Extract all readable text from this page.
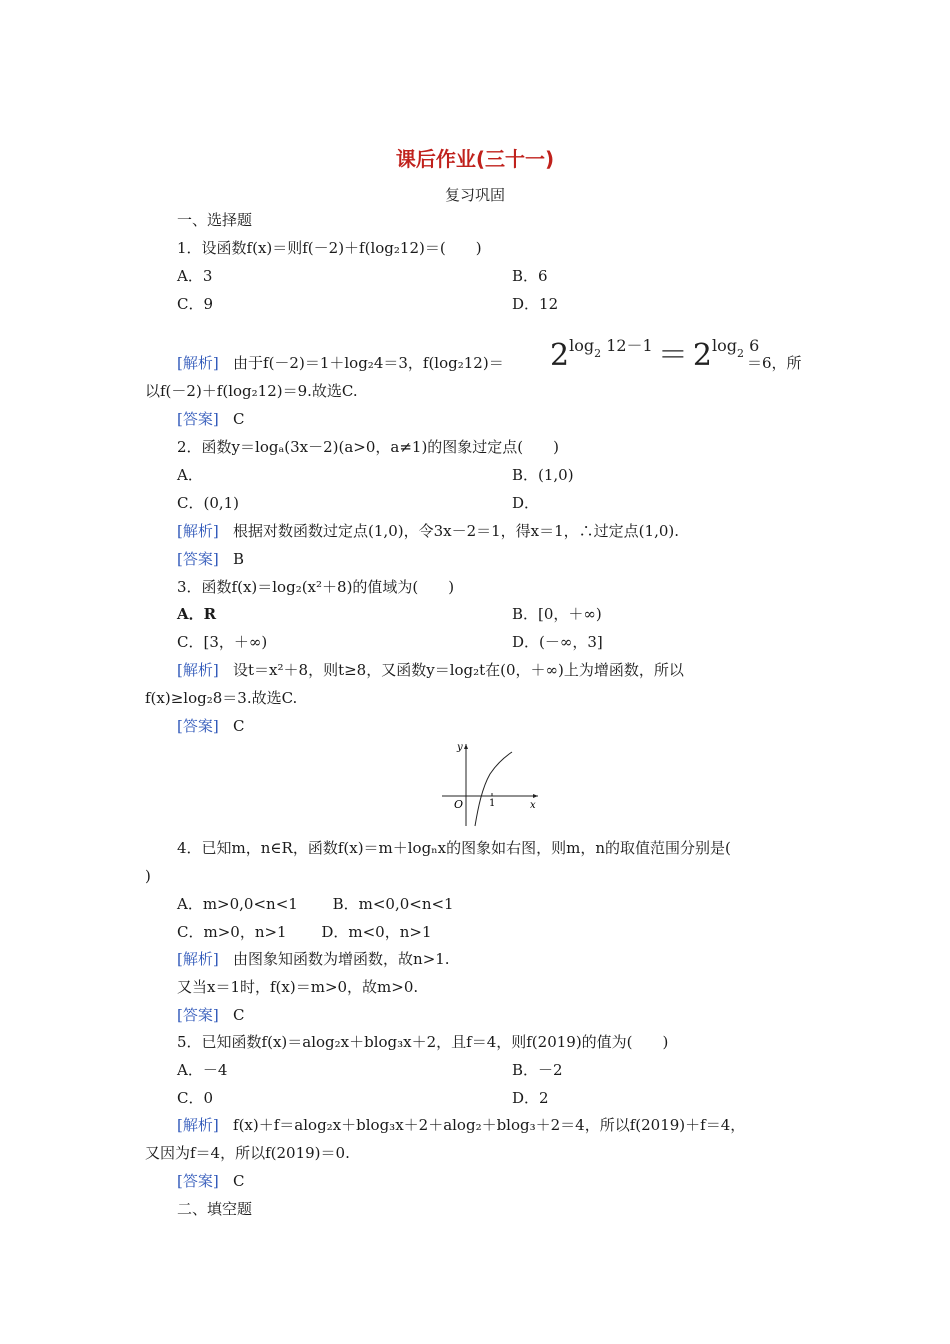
课后作业(三十一)
复习巩固
一、选择题
1．设函数f(x)＝则f(－2)＋f(log₂12)＝(　　)
A．3	B．6
C．9	D．12
[解析] 由于f(－2)＝1＋log₂4＝3，$f(\log_212)= 2\log^2$ $12-1 = 2\log^2$ 6
＝6，所
以f(－2)＋f(log₂12)＝9.故选C.
[答案] C
2．函数y＝logₐ(3x－2)(a>0，a≠1)的图象过定点(　　)
A．	B．(1,0)
C．(0,1)	D．
[解析] 根据对数函数过定点(1,0)，令3x－2＝1，得x＝1，∴过定点(1,0).
[答案] B
3．函数f(x)＝log₂(x²＋8)的值域为(　　)
A．R	B．[0，＋∞)
C．[3，＋∞)	D．(－∞，3]
[解析] 设t＝x²＋8，则t≥8，又函数y＝log₂t在(0，＋∞)上为增函数，所以
f(x)≥log₂8＝3.故选C.
[答案] C
y
x
O	1
4．已知m，n∈R，函数f(x)＝m＋logₙx的图象如右图，则m，n的取值范围分别是(
)
A．m>0,0<n<1　　 B．m<0,0<n<1
C．m>0，n>1　　 D．m<0，n>1
[解析] 由图象知函数为增函数，故n>1.
又当x＝1时，f(x)＝m>0，故m>0.
[答案] C
5．已知函数f(x)＝alog₂x＋blog₃x＋2，且f＝4，则f(2019)的值为(　　)
A．－4	B．－2
C．0	D．2
[解析] f(x)＋f＝alog₂x＋blog₃x＋2＋alog₂＋blog₃＋2＝4，所以f(2019)＋f＝4，
又因为f＝4，所以f(2019)＝0.
[答案] C
二、填空题
